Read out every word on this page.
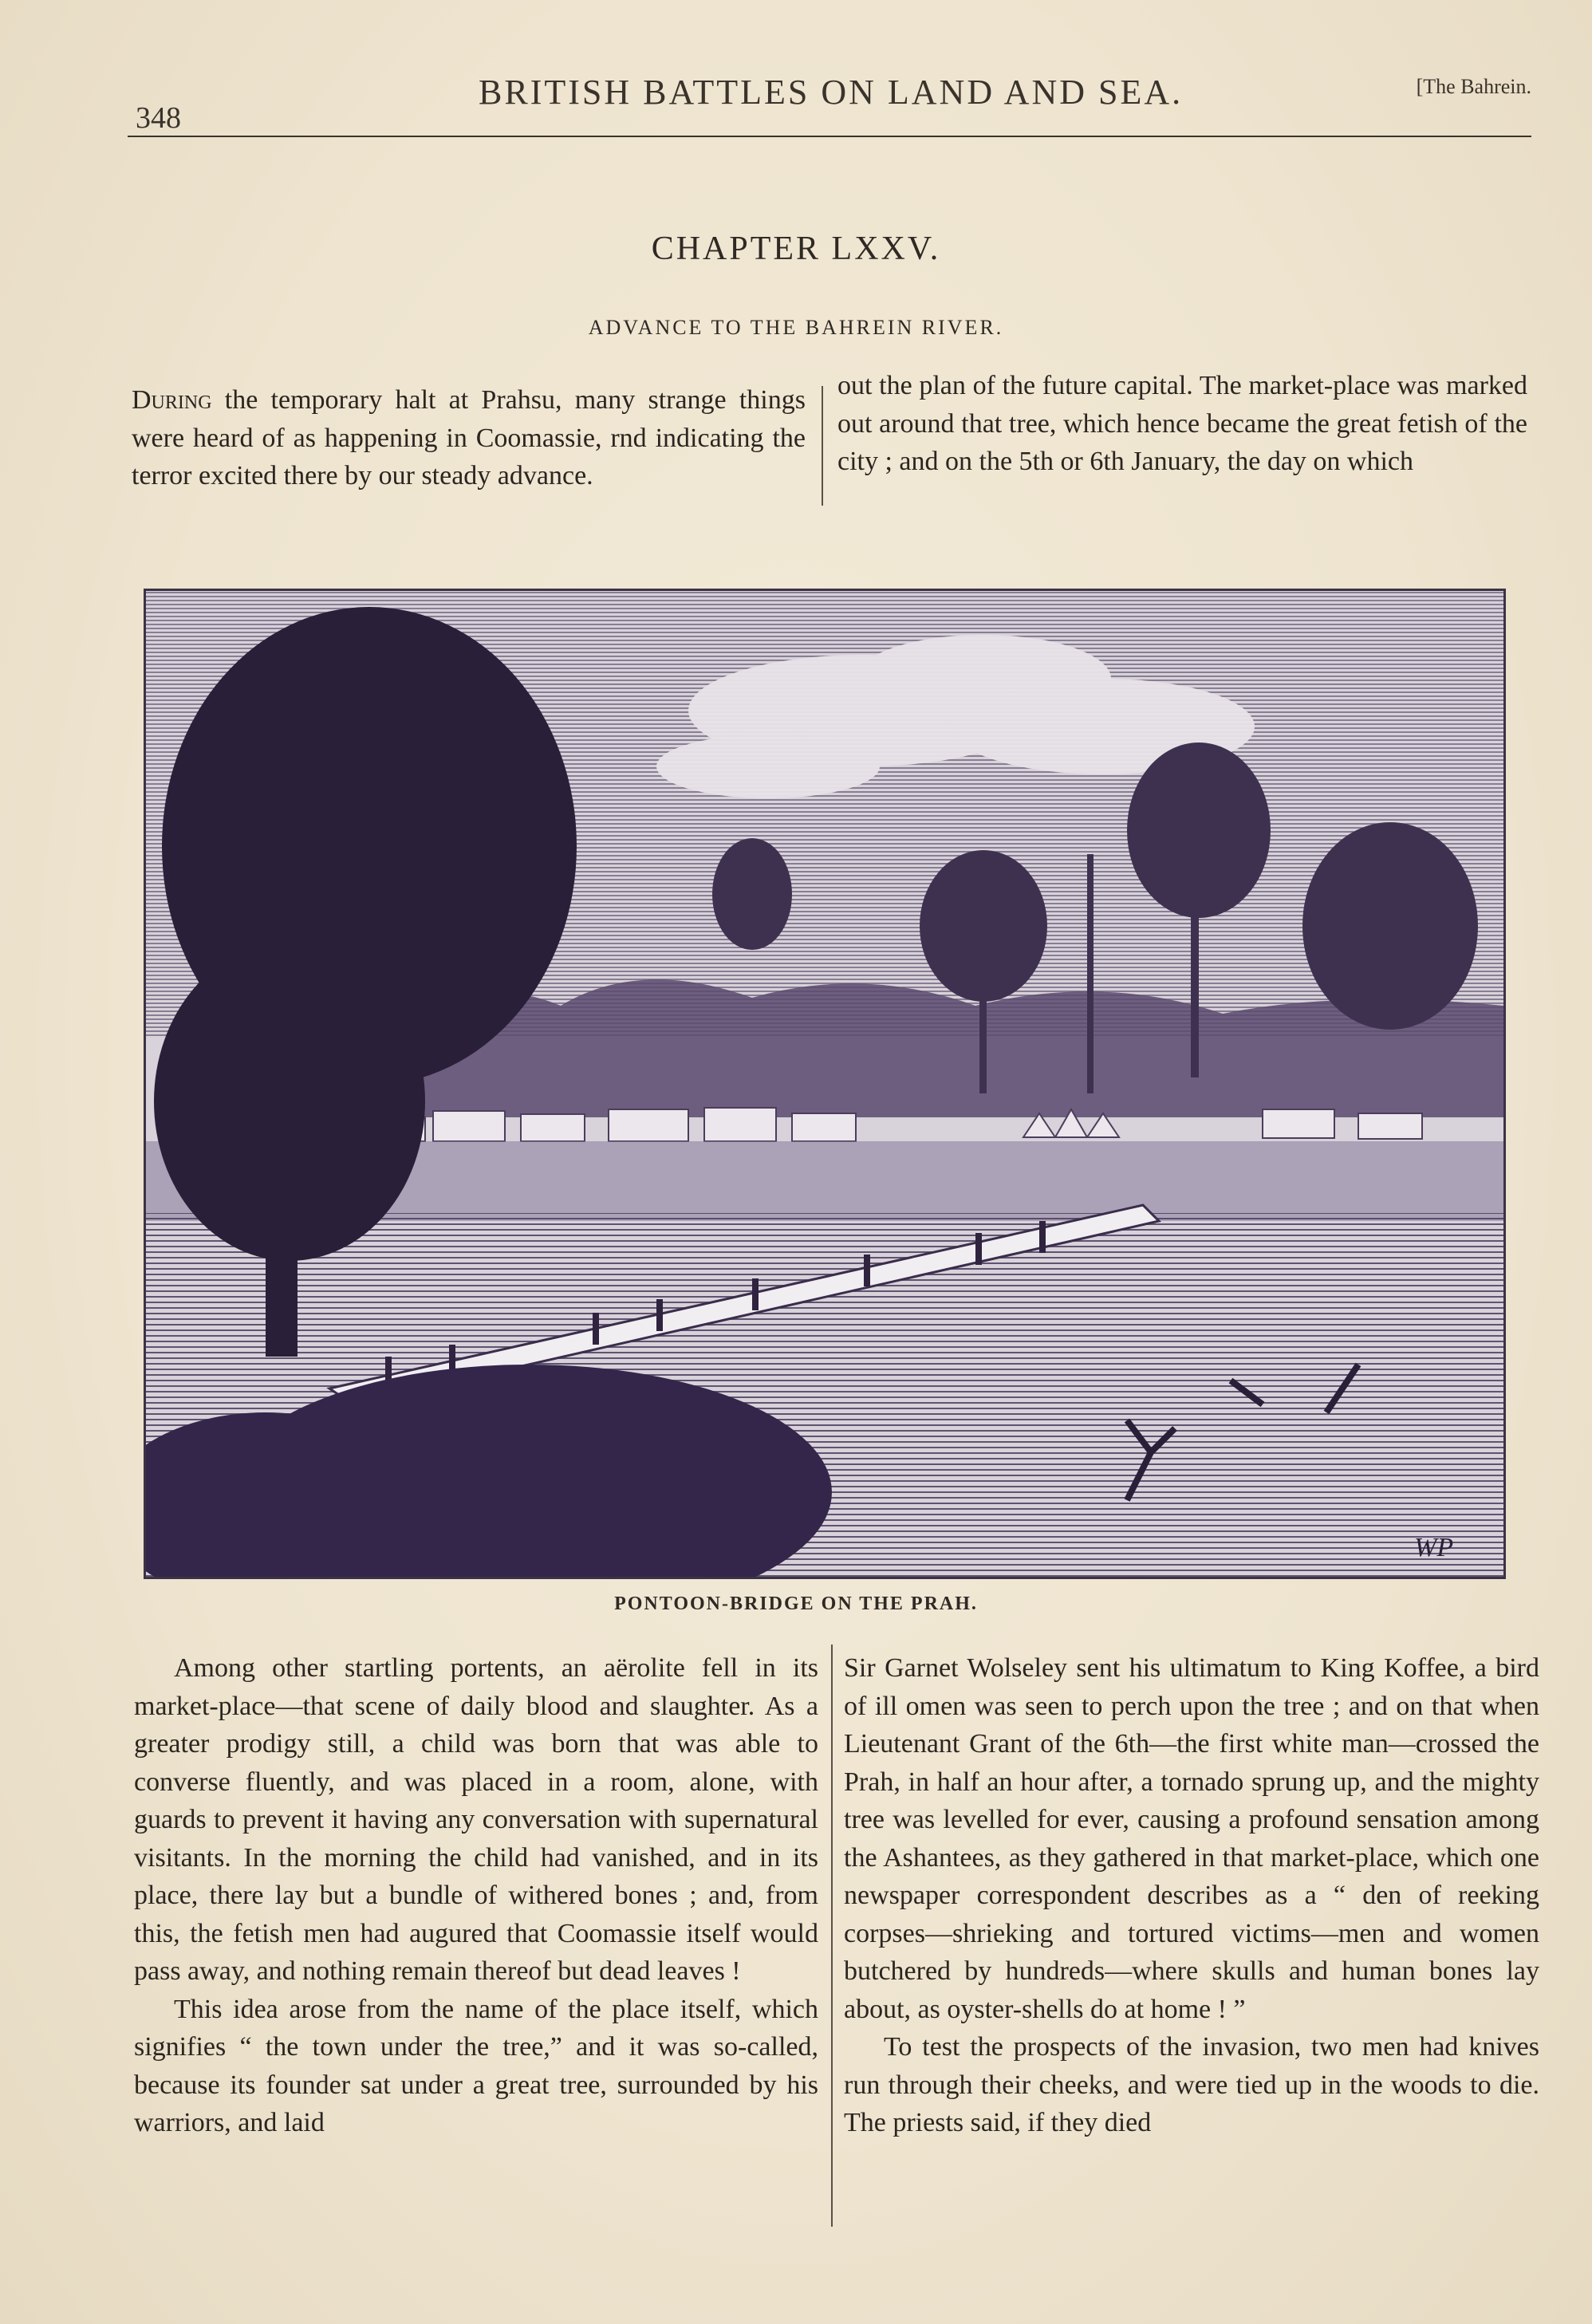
348
BRITISH BATTLES ON LAND AND SEA.	[The Bahrein.
CHAPTER LXXV.
ADVANCE TO THE BAHREIN RIVER.

During the temporary halt at Prahsu, many strange things were heard of as happening in Coomassie, rnd indicating the terror excited there by our steady advance.

out the plan of the future capital. The market-place was marked out around that tree, which hence became the great fetish of the city ; and on the 5th or 6th January, the day on which

WP
PONTOON-BRIDGE ON THE PRAH.

Among other startling portents, an aërolite fell in its market-place—that scene of daily blood and slaughter. As a greater prodigy still, a child was born that was able to converse fluently, and was placed in a room, alone, with guards to prevent it having any conversation with supernatural visitants. In the morning the child had vanished, and in its place, there lay but a bundle of withered bones ; and, from this, the fetish men had augured that Coomassie itself would pass away, and nothing remain thereof but dead leaves !

This idea arose from the name of the place itself, which signifies “ the town under the tree,” and it was so-called, because its founder sat under a great tree, surrounded by his warriors, and laid

Sir Garnet Wolseley sent his ultimatum to King Koffee, a bird of ill omen was seen to perch upon the tree ; and on that when Lieutenant Grant of the 6th—the first white man—crossed the Prah, in half an hour after, a tornado sprung up, and the mighty tree was levelled for ever, causing a profound sensation among the Ashantees, as they gathered in that market-place, which one newspaper correspondent describes as a “ den of reeking corpses—shrieking and tortured victims—men and women butchered by hundreds—where skulls and human bones lay about, as oyster-shells do at home ! ”

To test the prospects of the invasion, two men had knives run through their cheeks, and were tied up in the woods to die. The priests said, if they died
